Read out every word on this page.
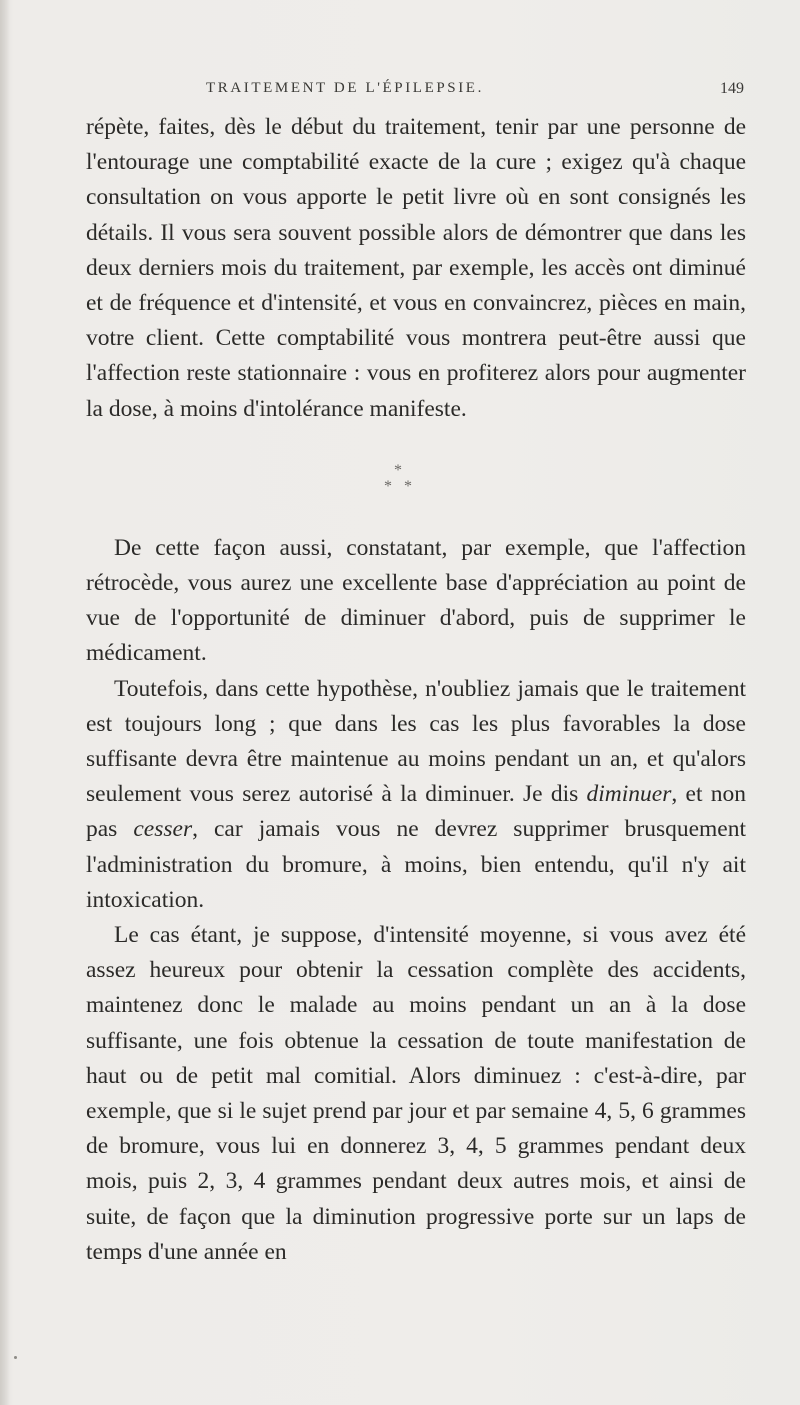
TRAITEMENT DE L'ÉPILEPSIE.	149

répète, faites, dès le début du traitement, tenir par une personne de l'entourage une comptabilité exacte de la cure ; exigez qu'à chaque consultation on vous apporte le petit livre où en sont consignés les détails. Il vous sera souvent possible alors de démontrer que dans les deux derniers mois du traitement, par exemple, les accès ont diminué et de fréquence et d'intensité, et vous en convaincrez, pièces en main, votre client. Cette comptabilité vous montrera peut-être aussi que l'affection reste stationnaire : vous en profiterez alors pour augmenter la dose, à moins d'intolérance manifeste.

*
* *

De cette façon aussi, constatant, par exemple, que l'affection rétrocède, vous aurez une excellente base d'appréciation au point de vue de l'opportunité de diminuer d'abord, puis de supprimer le médicament.

Toutefois, dans cette hypothèse, n'oubliez jamais que le traitement est toujours long ; que dans les cas les plus favorables la dose suffisante devra être maintenue au moins pendant un an, et qu'alors seulement vous serez autorisé à la diminuer. Je dis diminuer, et non pas cesser, car jamais vous ne devrez supprimer brusquement l'administration du bromure, à moins, bien entendu, qu'il n'y ait intoxication.

Le cas étant, je suppose, d'intensité moyenne, si vous avez été assez heureux pour obtenir la cessation complète des accidents, maintenez donc le malade au moins pendant un an à la dose suffisante, une fois obtenue la cessation de toute manifestation de haut ou de petit mal comitial. Alors diminuez : c'est-à-dire, par exemple, que si le sujet prend par jour et par semaine 4, 5, 6 grammes de bromure, vous lui en donnerez 3, 4, 5 grammes pendant deux mois, puis 2, 3, 4 grammes pendant deux autres mois, et ainsi de suite, de façon que la diminution progressive porte sur un laps de temps d'une année en
